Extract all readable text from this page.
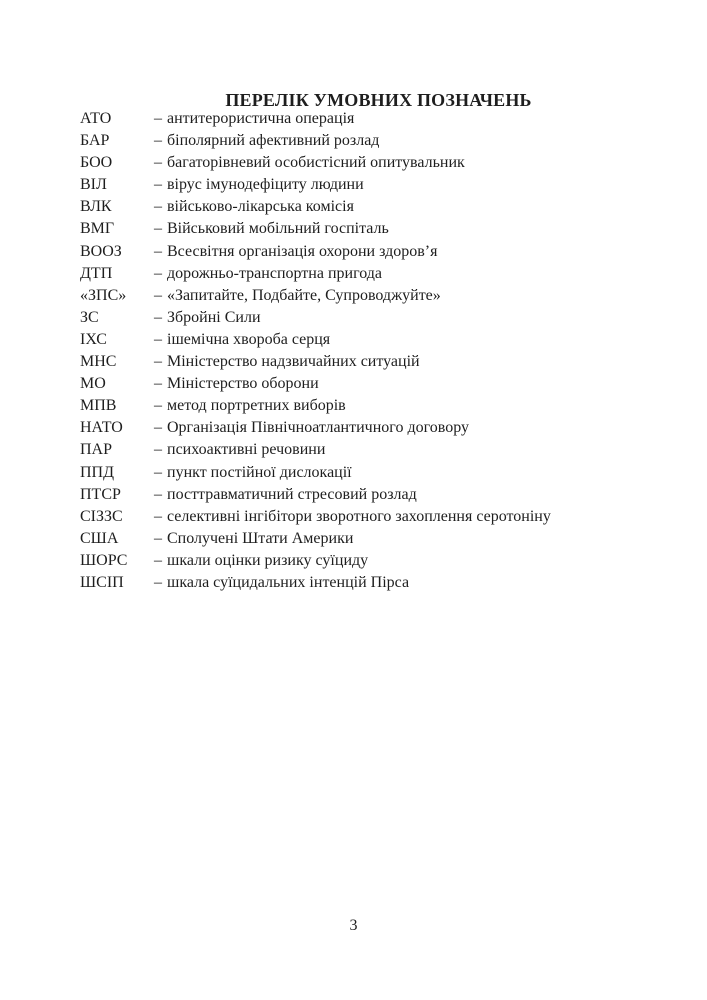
ПЕРЕЛІК УМОВНИХ ПОЗНАЧЕНЬ
АТО	– антитерористична операція
БАР	– біполярний афективний розлад
БОО	– багаторівневий особистісний опитувальник
ВІЛ	– вірус імунодефіциту людини
ВЛК	– військово-лікарська комісія
ВМГ	– Військовий мобільний госпіталь
ВООЗ	– Всесвітня організація охорони здоров’я
ДТП	– дорожньо-транспортна пригода
«ЗПС»	– «Запитайте, Подбайте, Супроводжуйте»
ЗС	– Збройні Сили
ІХС	– ішемічна хвороба серця
МНС	– Міністерство надзвичайних ситуацій
МО	– Міністерство оборони
МПВ	– метод портретних виборів
НАТО	– Організація Північноатлантичного договору
ПАР	– психоактивні речовини
ППД	– пункт постійної дислокації
ПТСР	– посттравматичний стресовий розлад
СІЗЗС	– селективні інгібітори зворотного захоплення серотоніну
США	– Сполучені Штати Америки
ШОРС	– шкали оцінки ризику суїциду
ШСІП	– шкала суїцидальних інтенцій Пірса
3
